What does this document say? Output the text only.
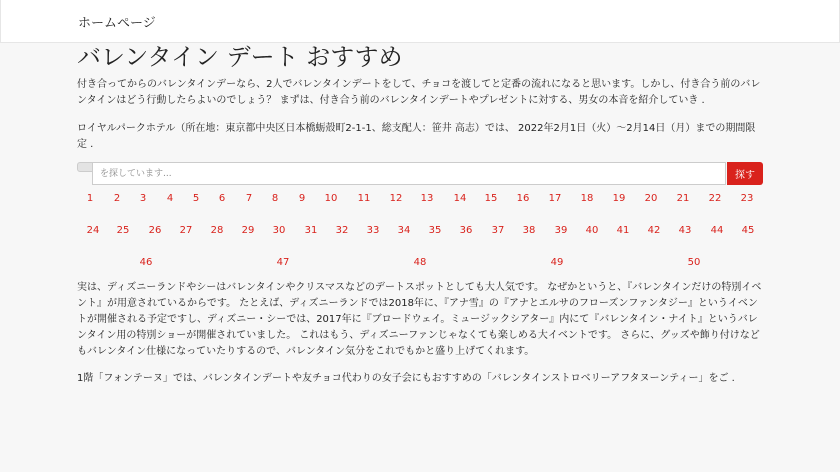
ホームページ
バレンタイン デート おすすめ

付き合ってからのバレンタインデーなら、2人でバレンタインデートをして、チョコを渡してと定番の流れになると思います。しかし、付き合う前のバレンタインはどう行動したらよいのでしょう？ まずは、付き合う前のバレンタインデートやプレゼントに対する、男女の本音を紹介していき .

ロイヤルパークホテル（所在地：東京都中央区日本橋蛎殻町2-1-1、総支配人：笹井 高志）では、 2022年2月1日（火）～2月14日（月）までの期間限定 .

を探しています...
探す
1 2 3 4 5 6 7 8 9 10 11 12 13 14 15 16 17 18 19 20 21 22 23
24 25 26 27 28 29 30 31 32 33 34 35 36 37 38 39 40 41 42 43 44 45
46	47	48	49	50

実は、ディズニーランドやシーはバレンタインやクリスマスなどのデートスポットとしても大人気です。 なぜかというと、『バレンタインだけの特別イベント』が用意されているからです。 たとえば、ディズニーランドでは2018年に、『アナ雪』の『アナとエルサのフローズンファンタジー』というイベントが開催される予定ですし、ディズニー・シーでは、2017年に『ブロードウェイ。ミュージックシアター』内にて『バレンタイン・ナイト』というバレンタイン用の特別ショーが開催されていました。 これはもう、ディズニーファンじゃなくても楽しめる大イベントです。 さらに、グッズや飾り付けなどもバレンタイン仕様になっていたりするので、バレンタイン気分をこれでもかと盛り上げてくれます。

1階「フォンテーヌ」では、バレンタインデートや友チョコ代わりの女子会にもおすすめの「バレンタインストロベリーアフタヌーンティー」をご .
